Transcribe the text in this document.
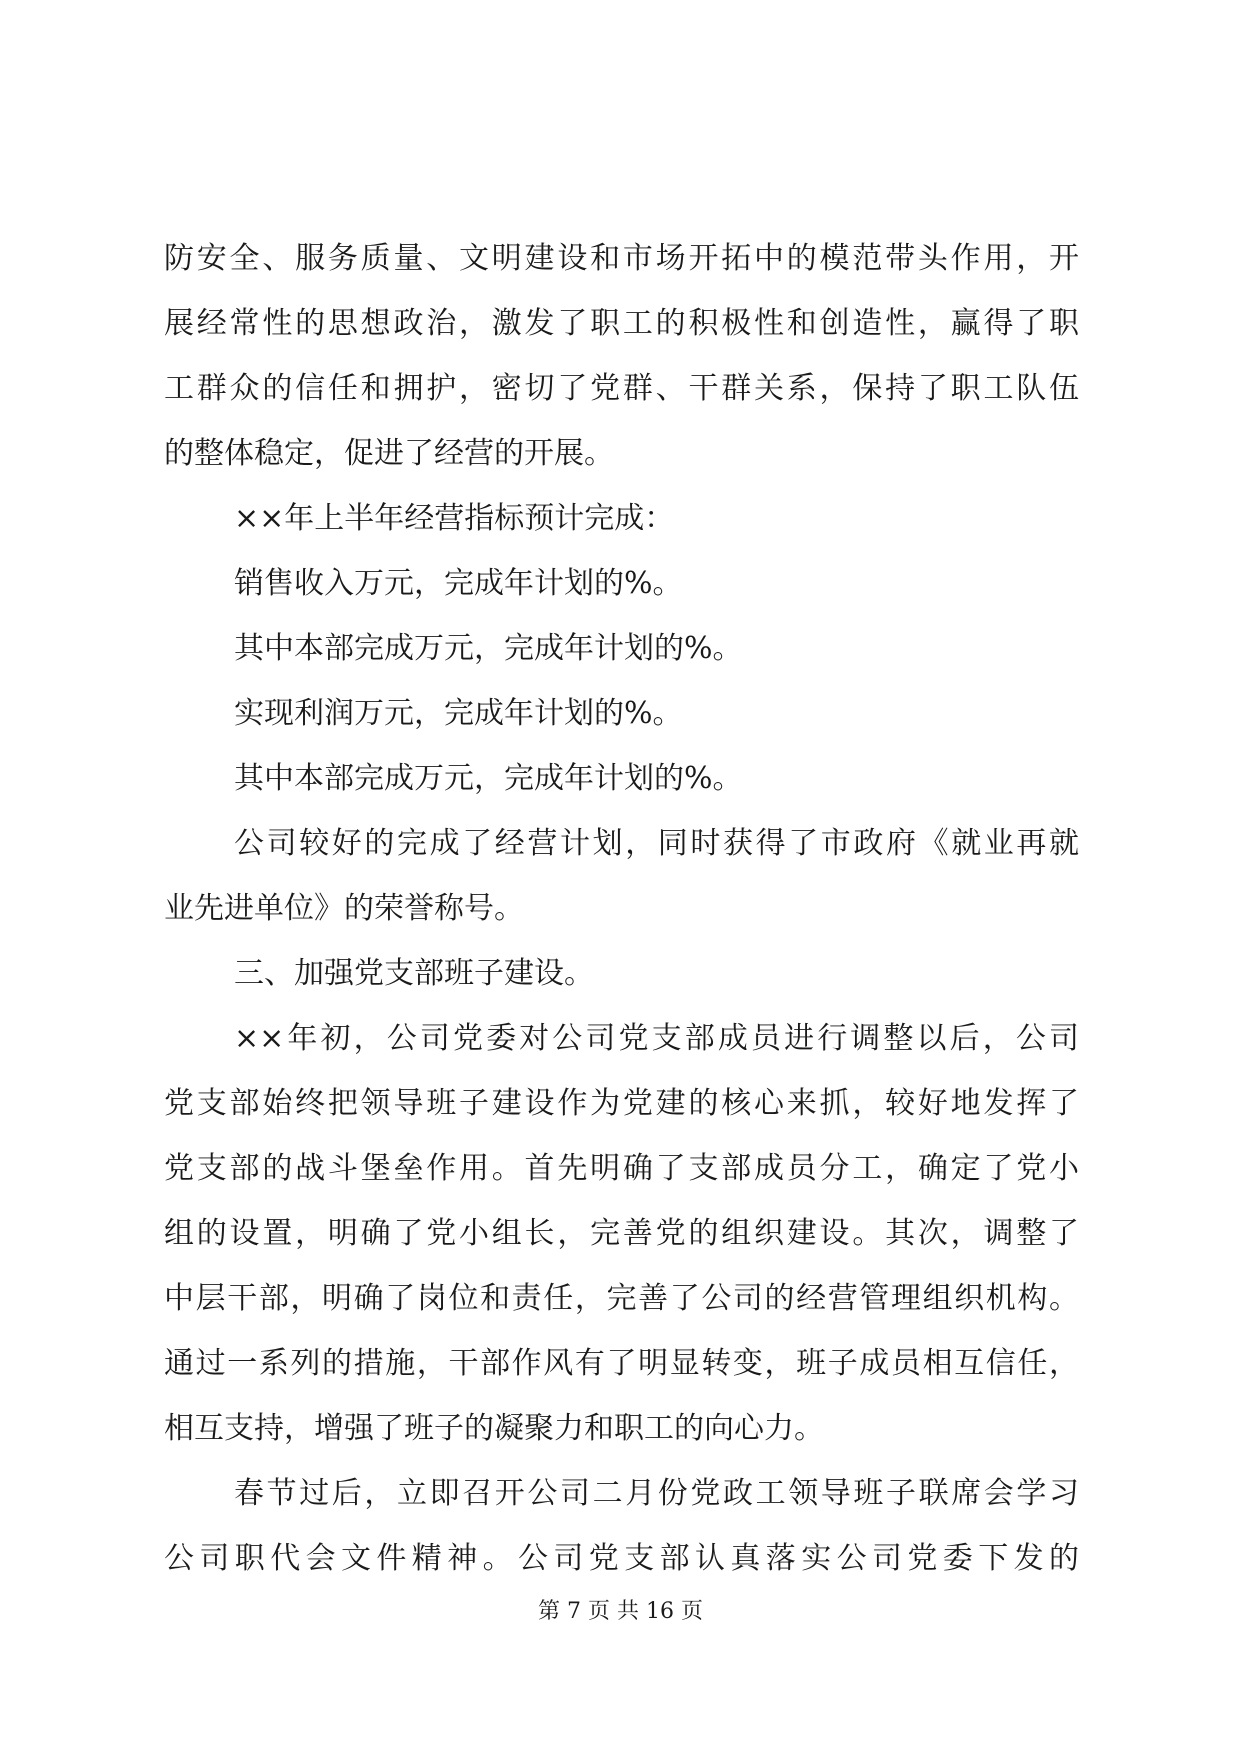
防安全、服务质量、文明建设和市场开拓中的模范带头作用，开
展经常性的思想政治，激发了职工的积极性和创造性，赢得了职
工群众的信任和拥护，密切了党群、干群关系，保持了职工队伍
的整体稳定，促进了经营的开展。
××年上半年经营指标预计完成：
销售收入万元，完成年计划的%。
其中本部完成万元，完成年计划的%。
实现利润万元，完成年计划的%。
其中本部完成万元，完成年计划的%。
公司较好的完成了经营计划，同时获得了市政府《就业再就
业先进单位》的荣誉称号。
三、加强党支部班子建设。
××年初，公司党委对公司党支部成员进行调整以后，公司
党支部始终把领导班子建设作为党建的核心来抓，较好地发挥了
党支部的战斗堡垒作用。首先明确了支部成员分工，确定了党小
组的设置，明确了党小组长，完善党的组织建设。其次，调整了
中层干部，明确了岗位和责任，完善了公司的经营管理组织机构。
通过一系列的措施，干部作风有了明显转变，班子成员相互信任，
相互支持，增强了班子的凝聚力和职工的向心力。
春节过后，立即召开公司二月份党政工领导班子联席会学习
公司职代会文件精神。公司党支部认真落实公司党委下发的
第 7 页 共 16 页
